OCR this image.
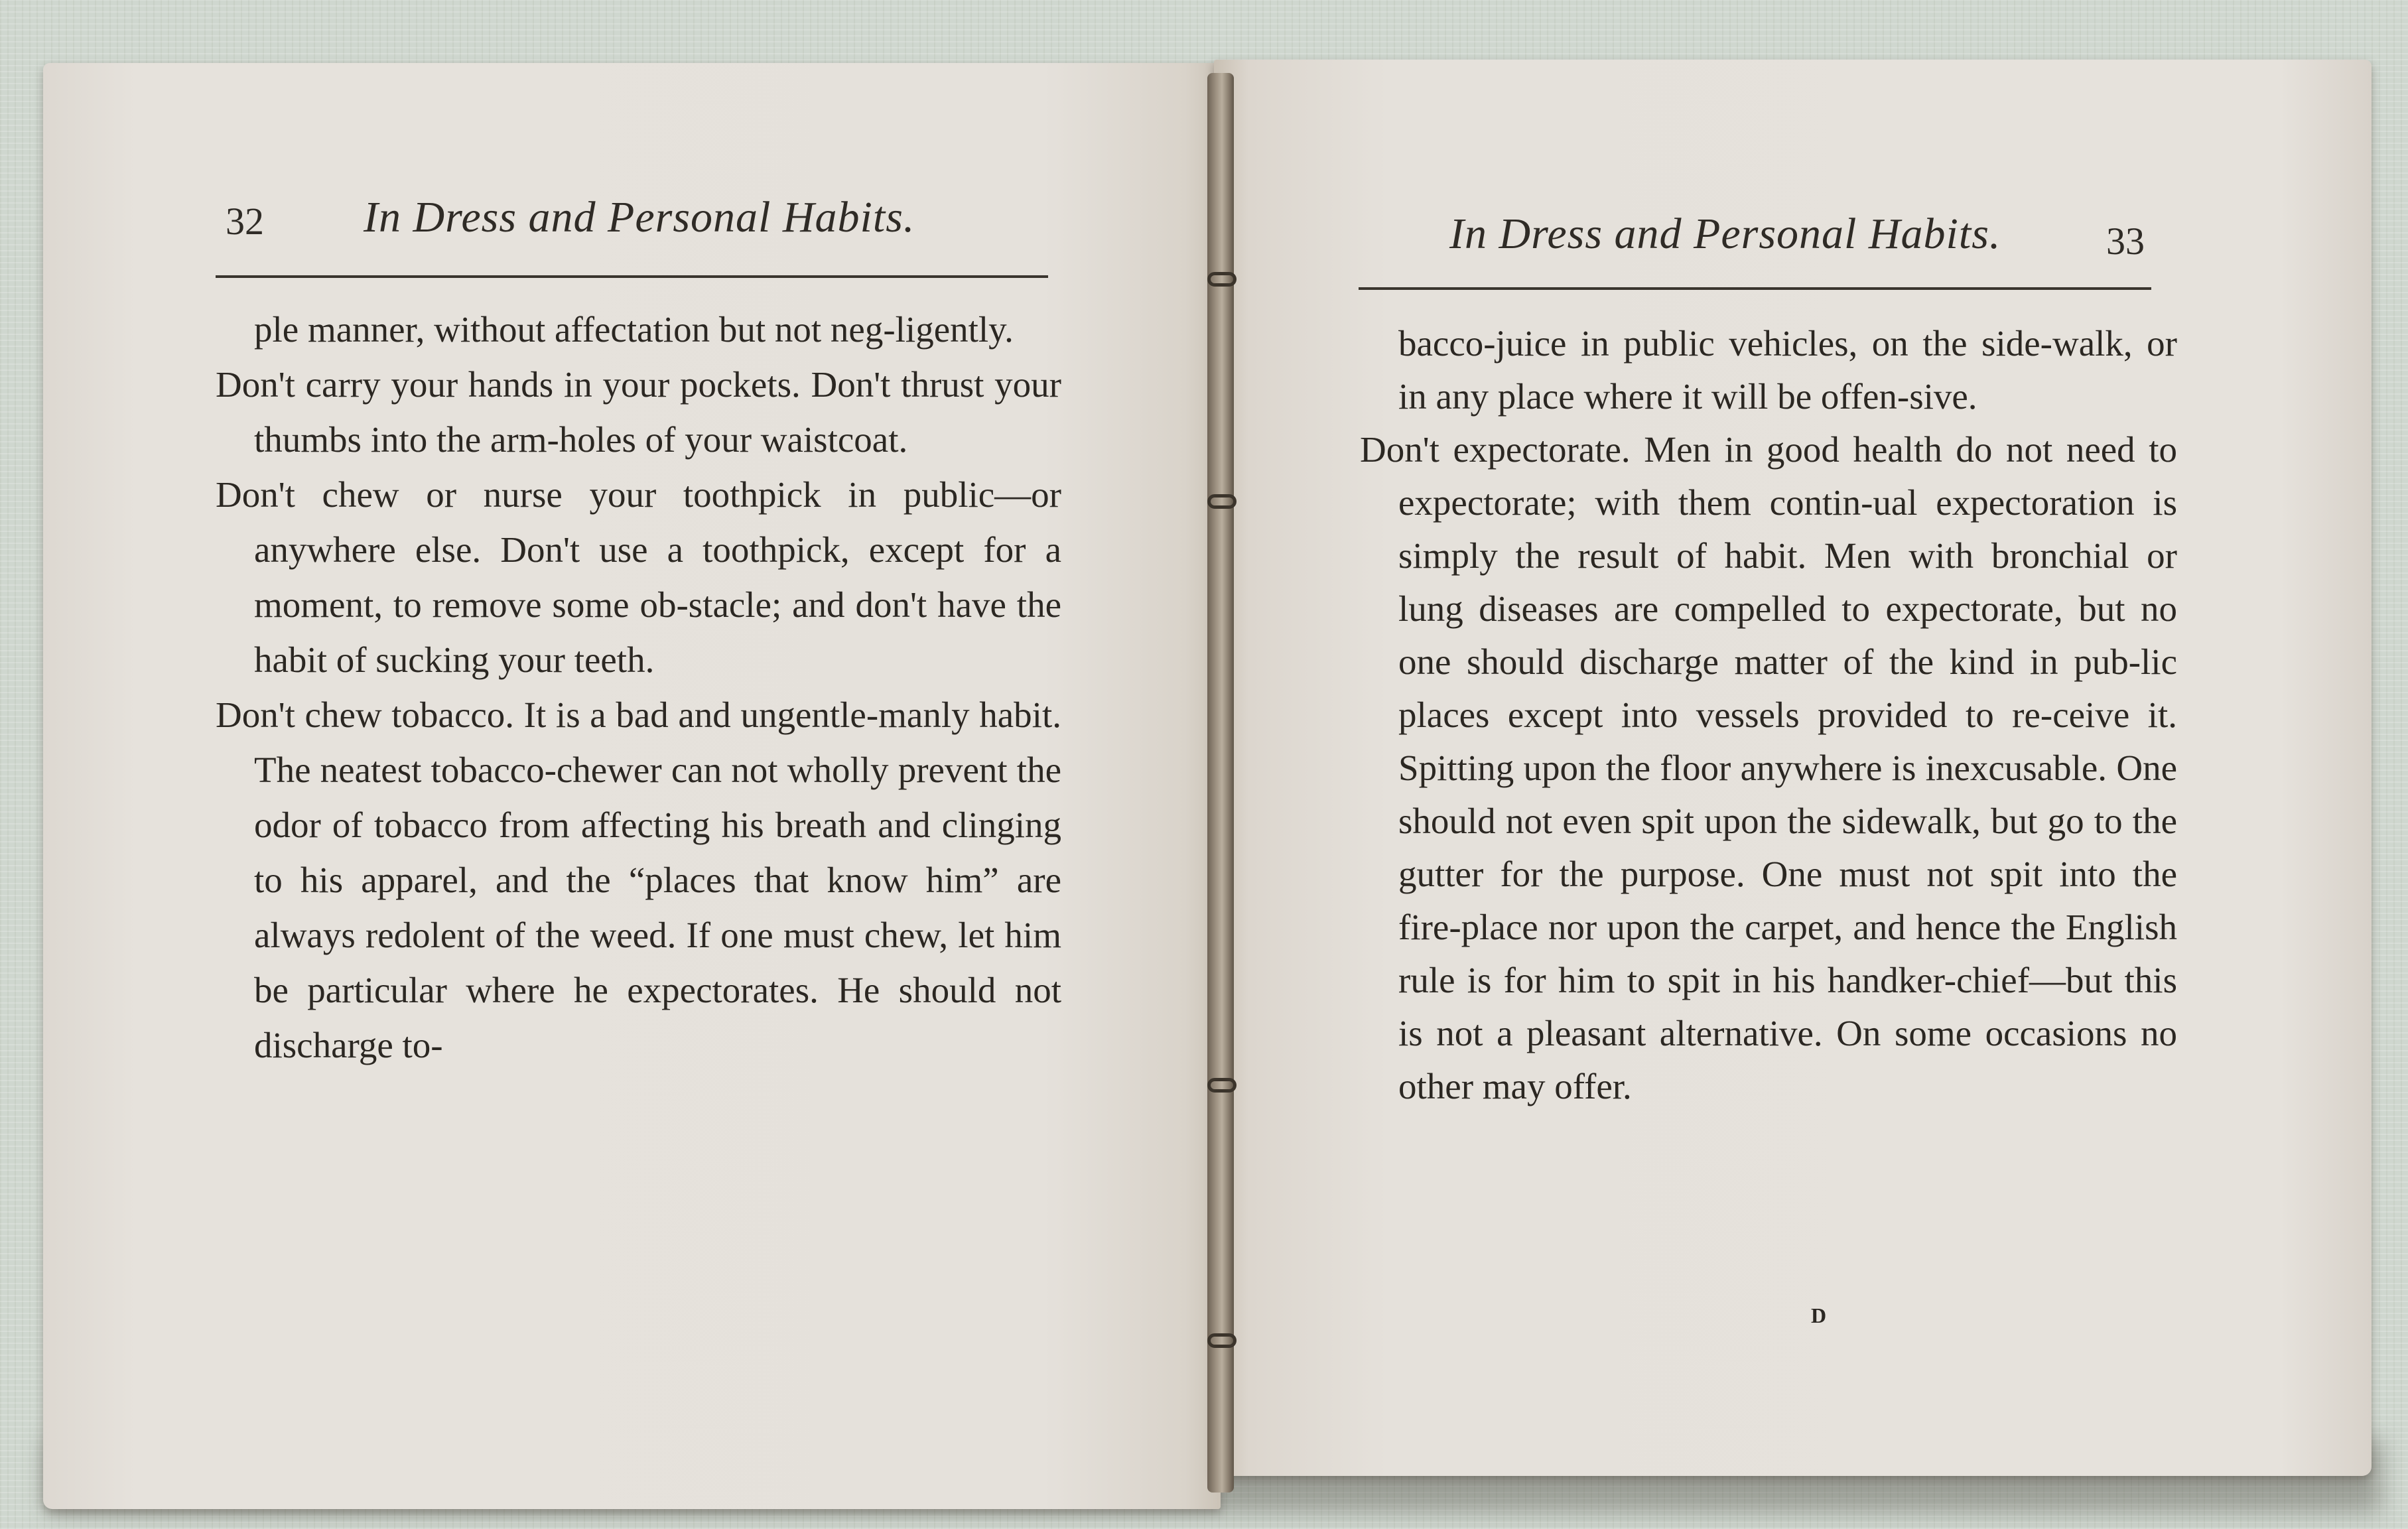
32 In Dress and Personal Habits.

ple manner, without affectation but not neg-ligently.

Don't carry your hands in your pockets. Don't thrust your thumbs into the arm-holes of your waistcoat.

Don't chew or nurse your toothpick in public—or anywhere else. Don't use a toothpick, except for a moment, to remove some ob-stacle; and don't have the habit of sucking your teeth.

Don't chew tobacco. It is a bad and ungentle-manly habit. The neatest tobacco-chewer can not wholly prevent the odor of tobacco from affecting his breath and clinging to his apparel, and the “places that know him” are always redolent of the weed. If one must chew, let him be particular where he expectorates. He should not discharge to-

In Dress and Personal Habits.	33

bacco-juice in public vehicles, on the side-walk, or in any place where it will be offen-sive.

Don't expectorate. Men in good health do not need to expectorate; with them contin-ual expectoration is simply the result of habit. Men with bronchial or lung diseases are compelled to expectorate, but no one should discharge matter of the kind in pub-lic places except into vessels provided to re-ceive it. Spitting upon the floor anywhere is inexcusable. One should not even spit upon the sidewalk, but go to the gutter for the purpose. One must not spit into the fire-place nor upon the carpet, and hence the English rule is for him to spit in his handker-chief—but this is not a pleasant alternative. On some occasions no other may offer.

D
